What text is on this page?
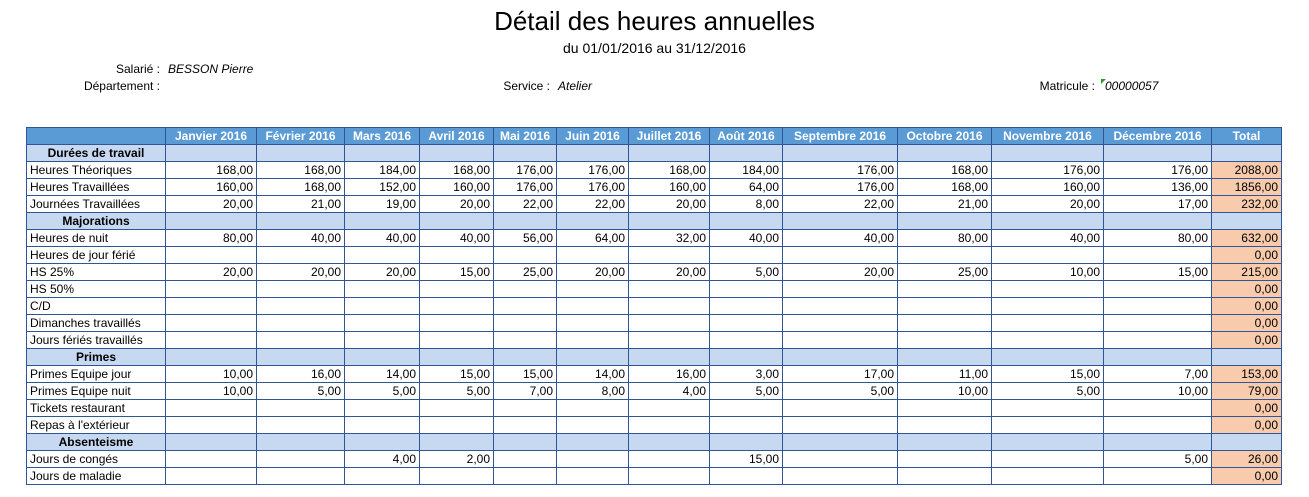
Détail des heures annuelles
du 01/01/2016 au 31/12/2016
Salarié : BESSON Pierre
Département :	Service : Atelier	Matricule : 00000057
	Janvier 2016	Février 2016	Mars 2016	Avril 2016	Mai 2016	Juin 2016	Juillet 2016	Août 2016	Septembre 2016	Octobre 2016	Novembre 2016	Décembre 2016	Total
Durées de travail													
Heures Théoriques	168,00	168,00	184,00	168,00	176,00	176,00	168,00	184,00	176,00	168,00	176,00	176,00	2088,00
Heures Travaillées	160,00	168,00	152,00	160,00	176,00	176,00	160,00	64,00	176,00	168,00	160,00	136,00	1856,00
Journées Travaillées	20,00	21,00	19,00	20,00	22,00	22,00	20,00	8,00	22,00	21,00	20,00	17,00	232,00
Majorations													
Heures de nuit	80,00	40,00	40,00	40,00	56,00	64,00	32,00	40,00	40,00	80,00	40,00	80,00	632,00
Heures de jour férié													0,00
HS 25%	20,00	20,00	20,00	15,00	25,00	20,00	20,00	5,00	20,00	25,00	10,00	15,00	215,00
HS 50%													0,00
C/D													0,00
Dimanches travaillés													0,00
Jours fériés travaillés													0,00
Primes													
Primes Equipe jour	10,00	16,00	14,00	15,00	15,00	14,00	16,00	3,00	17,00	11,00	15,00	7,00	153,00
Primes Equipe nuit	10,00	5,00	5,00	5,00	7,00	8,00	4,00	5,00	5,00	10,00	5,00	10,00	79,00
Tickets restaurant													0,00
Repas à l'extérieur													0,00
Absenteisme													
Jours de congés			4,00	2,00				15,00				5,00	26,00
Jours de maladie													0,00
